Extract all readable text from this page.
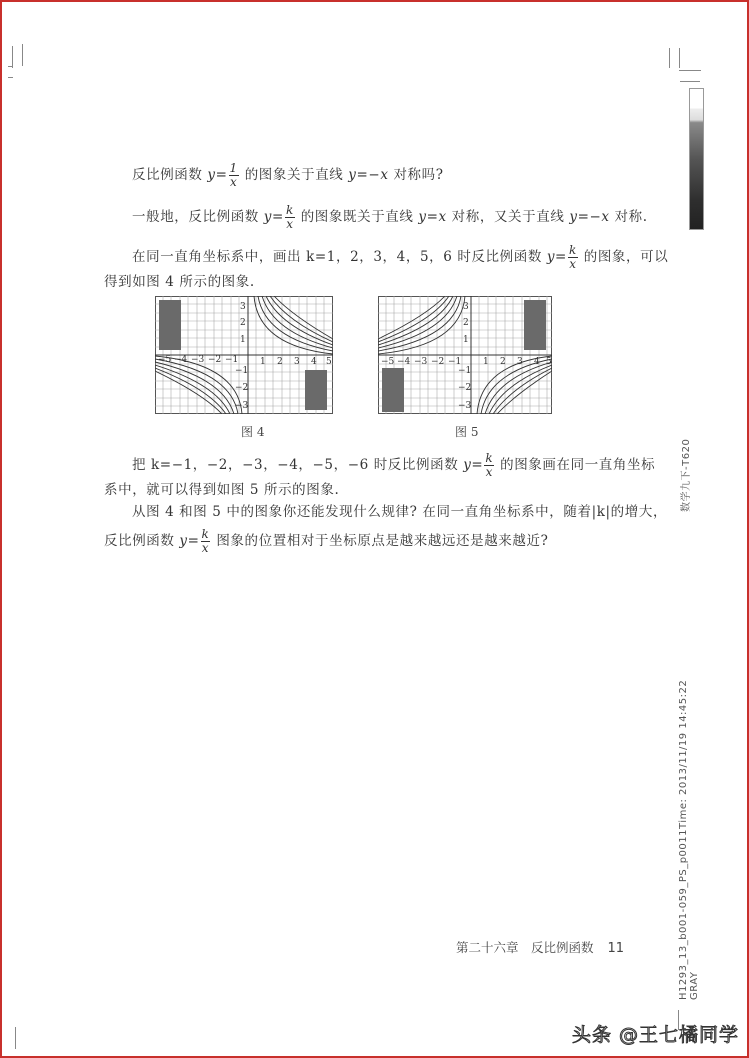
反比例函数 $y= \frac{1}{x}$ 的图象关于直线 y=−x 对称吗?
一般地，反比例函数 $y= \frac{k}{x}$ 的图象既关于直线 y=x 对称，又关于直线 y=−x 对称.
在同一直角坐标系中，画出 k=1，2，3，4，5，6 时反比例函数 $y= \frac{k}{x}$ 的图象，可以
得到如图 4 所示的图象.
−5 −4 −3 −2 −1 1 2 3 4 5
3
2
1
−1
−2
−3
图 4
−5 −4 −3 −2 −1 1 2 3 4 5
3
2
1
−1
−2
−3
图 5
把 k=−1，−2，−3，−4，−5，−6 时反比例函数 $y= \frac{k}{x}$ 的图象画在同一直角坐标
系中，就可以得到如图 5 所示的图象.
从图 4 和图 5 中的图象你还能发现什么规律? 在同一直角坐标系中，随着|k|的增大，
反比例函数 $y= \frac{k}{x}$ 图象的位置相对于坐标原点是越来越远还是越来越近?
数学九下-T620
H1293_13_b001-059_PS_p0011Time: 2013/11/19 14:45:22 GRAY
第二十六章　反比例函数 11
头条 @王七橘同学
